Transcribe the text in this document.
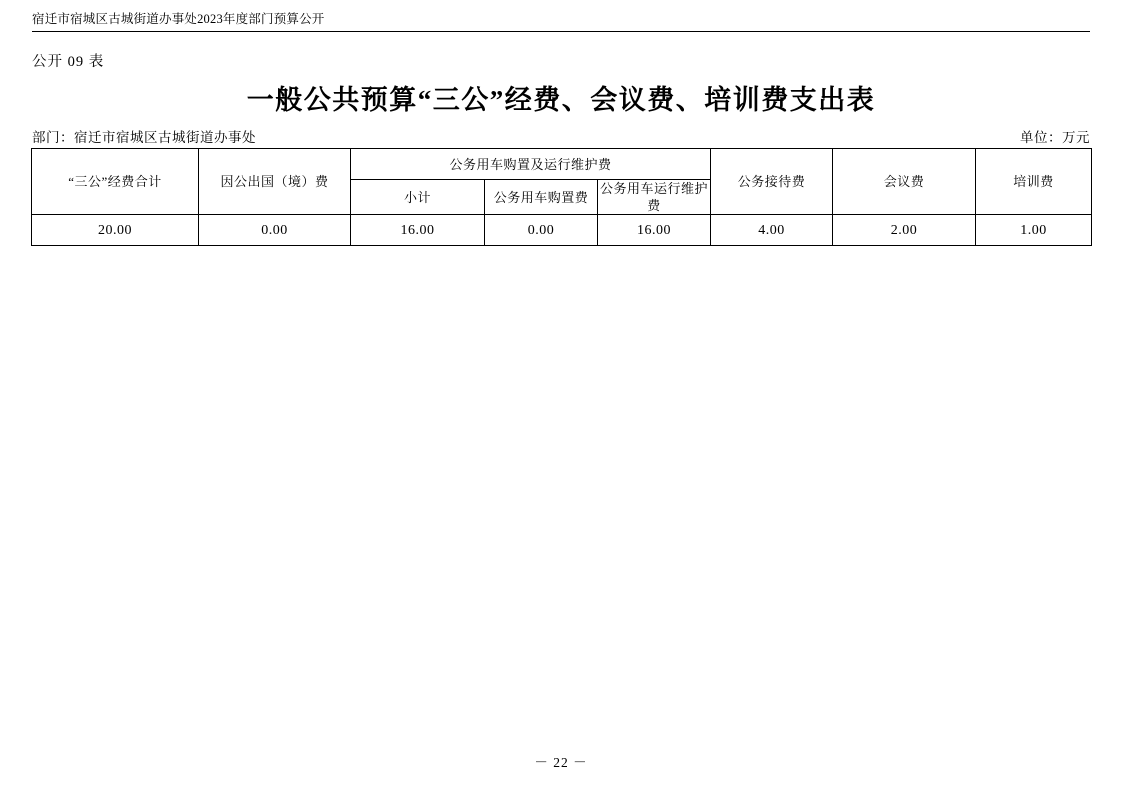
宿迁市宿城区古城街道办事处2023年度部门预算公开
公开 09 表
一般公共预算“三公”经费、会议费、培训费支出表
部门：宿迁市宿城区古城街道办事处	单位：万元
“三公”经费合计	因公出国（境）费	公务用车购置及运行维护费			公务接待费	会议费	培训费
		小计	公务用车购置费	公务用车运行维护费			
20.00	0.00	16.00	0.00	16.00	4.00	2.00	1.00
－ 22 －
